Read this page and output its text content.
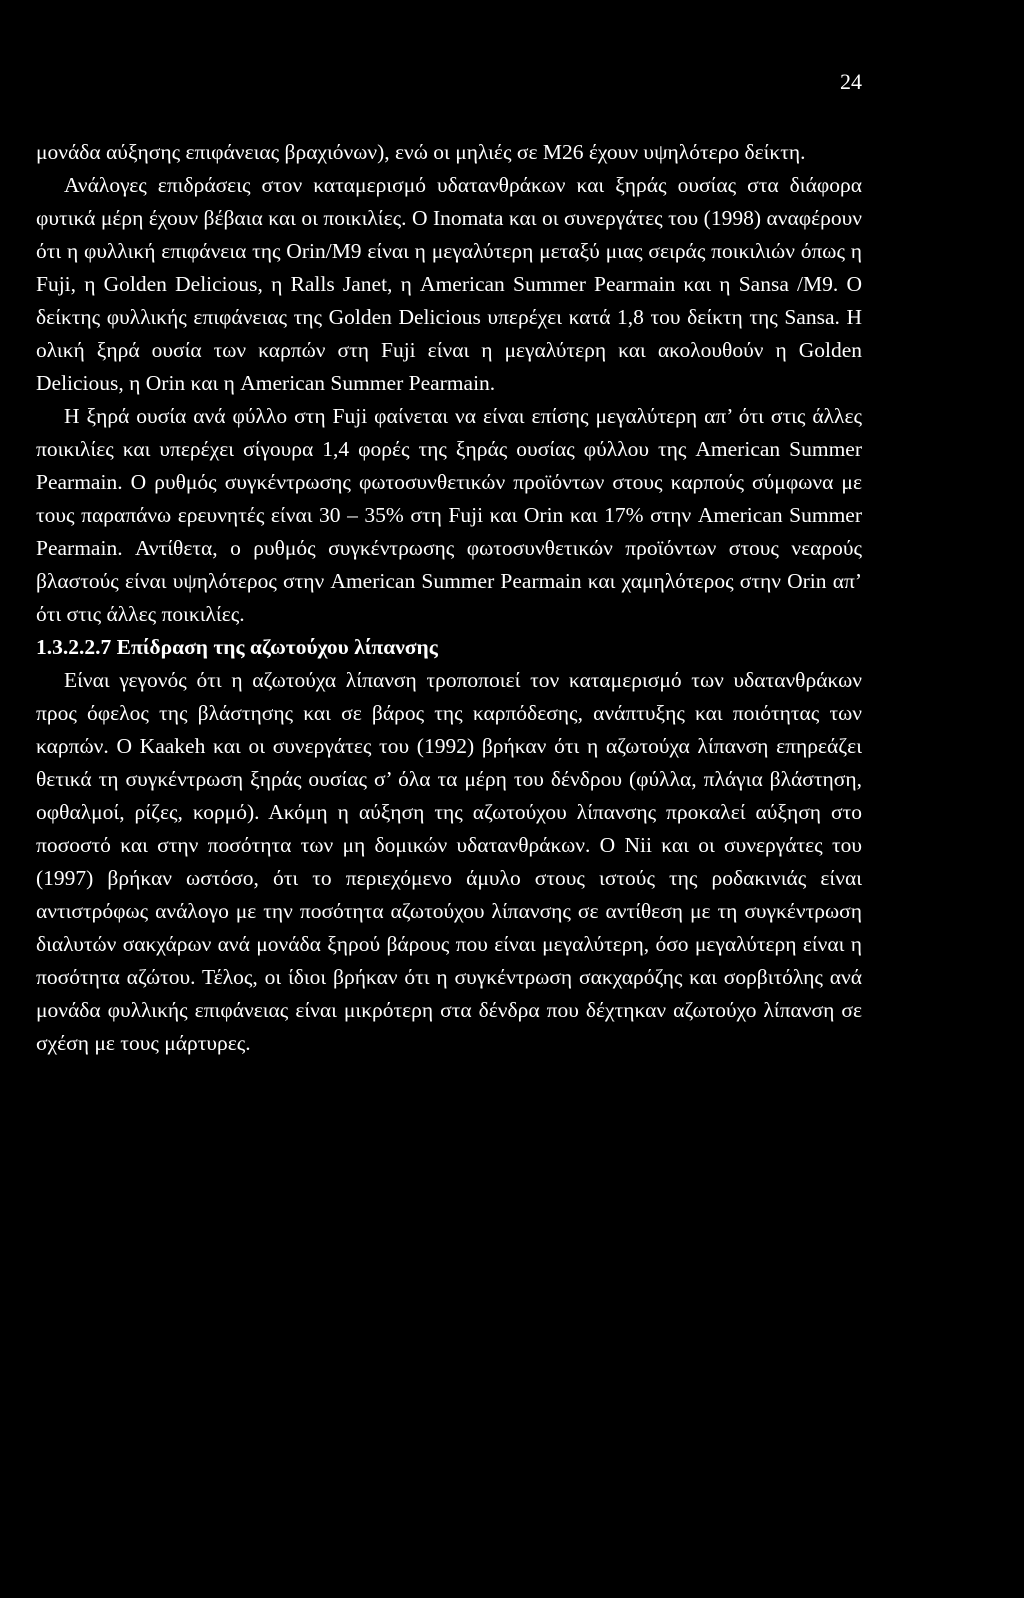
24

μονάδα αύξησης επιφάνειας βραχιόνων), ενώ οι μηλιές σε Μ26 έχουν υψηλότερο δείκτη.

Ανάλογες επιδράσεις στον καταμερισμό υδατανθράκων και ξηράς ουσίας στα διάφορα φυτικά μέρη έχουν βέβαια και οι ποικιλίες. Ο Inomata και οι συνεργάτες του (1998) αναφέρουν ότι η φυλλική επιφάνεια της Orin/M9 είναι η μεγαλύτερη μεταξύ μιας σειράς ποικιλιών όπως η Fuji, η Golden Delicious, η Ralls Janet, η American Summer Pearmain και η Sansa /M9. Ο δείκτης φυλλικής επιφάνειας της Golden Delicious υπερέχει κατά 1,8 του δείκτη της Sansa. Η ολική ξηρά ουσία των καρπών στη Fuji είναι η μεγαλύτερη και ακολουθούν η Golden Delicious, η Orin και η American Summer Pearmain.

Η ξηρά ουσία ανά φύλλο στη Fuji φαίνεται να είναι επίσης μεγαλύτερη απ’ ότι στις άλλες ποικιλίες και υπερέχει σίγουρα 1,4 φορές της ξηράς ουσίας φύλλου της American Summer Pearmain. Ο ρυθμός συγκέντρωσης φωτοσυνθετικών προϊόντων στους καρπούς σύμφωνα με τους παραπάνω ερευνητές είναι 30 – 35% στη Fuji και Orin και 17% στην American Summer Pearmain. Αντίθετα, ο ρυθμός συγκέντρωσης φωτοσυνθετικών προϊόντων στους νεαρούς βλαστούς είναι υψηλότερος στην American Summer Pearmain και χαμηλότερος στην Orin απ’ ότι στις άλλες ποικιλίες.

1.3.2.2.7 Επίδραση της αζωτούχου λίπανσης

Είναι γεγονός ότι η αζωτούχα λίπανση τροποποιεί τον καταμερισμό των υδατανθράκων προς όφελος της βλάστησης και σε βάρος της καρπόδεσης, ανάπτυξης και ποιότητας των καρπών. Ο Kaakeh και οι συνεργάτες του (1992) βρήκαν ότι η αζωτούχα λίπανση επηρεάζει θετικά τη συγκέντρωση ξηράς ουσίας σ’ όλα τα μέρη του δένδρου (φύλλα, πλάγια βλάστηση, οφθαλμοί, ρίζες, κορμό). Ακόμη η αύξηση της αζωτούχου λίπανσης προκαλεί αύξηση στο ποσοστό και στην ποσότητα των μη δομικών υδατανθράκων. Ο Nii και οι συνεργάτες του (1997) βρήκαν ωστόσο, ότι το περιεχόμενο άμυλο στους ιστούς της ροδακινιάς είναι αντιστρόφως ανάλογο με την ποσότητα αζωτούχου λίπανσης σε αντίθεση με τη συγκέντρωση διαλυτών σακχάρων ανά μονάδα ξηρού βάρους που είναι μεγαλύτερη, όσο μεγαλύτερη είναι η ποσότητα αζώτου. Τέλος, οι ίδιοι βρήκαν ότι η συγκέντρωση σακχαρόζης και σορβιτόλης ανά μονάδα φυλλικής επιφάνειας είναι μικρότερη στα δένδρα που δέχτηκαν αζωτούχο λίπανση σε σχέση με τους μάρτυρες.
